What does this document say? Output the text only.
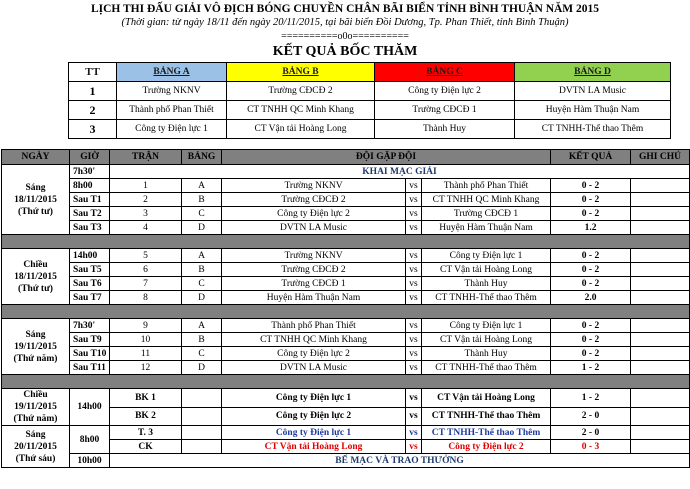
LỊCH THI ĐẤU GIẢI VÔ ĐỊCH BÓNG CHUYỀN CHÂN BÃI BIỂN TỈNH BÌNH THUẬN NĂM 2015
(Thời gian: từ ngày 18/11 đến ngày 20/11/2015, tại bãi biển Đồi Dương, Tp. Phan Thiết, tỉnh Bình Thuận)
==========o0o==========
KẾT QUẢ BỐC THĂM
TT	BẢNG A	BẢNG B	BẢNG C	BẢNG D
1	Trường NKNV	Trường CĐCĐ 2	Công ty Điện lực 2	DVTN LA Music
2	Thành phố Phan Thiết	CT TNHH QC Minh Khang	Trường CĐCĐ 1	Huyện Hàm Thuận Nam
3	Công ty Điện lực 1	CT Vận tải Hoàng Long	Thành Huy	CT TNHH-Thể thao Thêm
NGÀY	GIỜ	TRẬN	BẢNG	ĐỘI GẶP ĐỘI			KẾT QUẢ	GHI CHÚ
Sáng
18/11/2015
(Thứ tư)	7h30'	KHAI MẠC GIẢI						
	8h00	1	A	Trường NKNV	vs	Thành phố Phan Thiết	0 - 2	
	Sau T1	2	B	Trường CĐCĐ 2	vs	CT TNHH QC Minh Khang	0 - 2	
	Sau T2	3	C	Công ty Điện lực 2	vs	Trường CĐCĐ 1	0 - 2	
	Sau T3	4	D	DVTN LA Music	vs	Huyện Hàm Thuận Nam	1.2	

Chiều
18/11/2015
(Thứ tư)	14h00	5	A	Trường NKNV	vs	Công ty Điện lực 1	0 - 2	
	Sau T5	6	B	Trường CĐCĐ 2	vs	CT Vận tải Hoàng Long	0 - 2	
	Sau T6	7	C	Trường CĐCĐ 1	vs	Thành Huy	0 - 2	
	Sau T7	8	D	Huyện Hàm Thuận Nam	vs	CT TNHH-Thể thao Thêm	2.0	

Sáng
19/11/2015
(Thứ năm)	7h30'	9	A	Thành phố Phan Thiết	vs	Công ty Điện lực 1	0 - 2	
	Sau T9	10	B	CT TNHH QC Minh Khang	vs	CT Vận tải Hoàng Long	0 - 2	
	Sau T10	11	C	Công ty Điện lực 2	vs	Thành Huy	0 - 2	
	Sau T11	12	D	DVTN LA Music	vs	CT TNHH-Thể thao Thêm	1 - 2	

Chiều
19/11/2015
(Thứ năm)	14h00	BK 1		Công ty Điện lực 1	vs	CT Vận tải Hoàng Long	1 - 2	
		BK 2		Công ty Điện lực 2	vs	CT TNHH-Thể thao Thêm	2 - 0	
Sáng
20/11/2015
(Thứ sáu)	8h00	T. 3		Công ty Điện lực 1	vs	CT TNHH-Thể thao Thêm	2 - 0	
		CK		CT Vận tải Hoàng Long	vs	Công ty Điện lực 2	0 - 3	
	10h00	BẾ MẠC VÀ TRAO THƯỞNG						
